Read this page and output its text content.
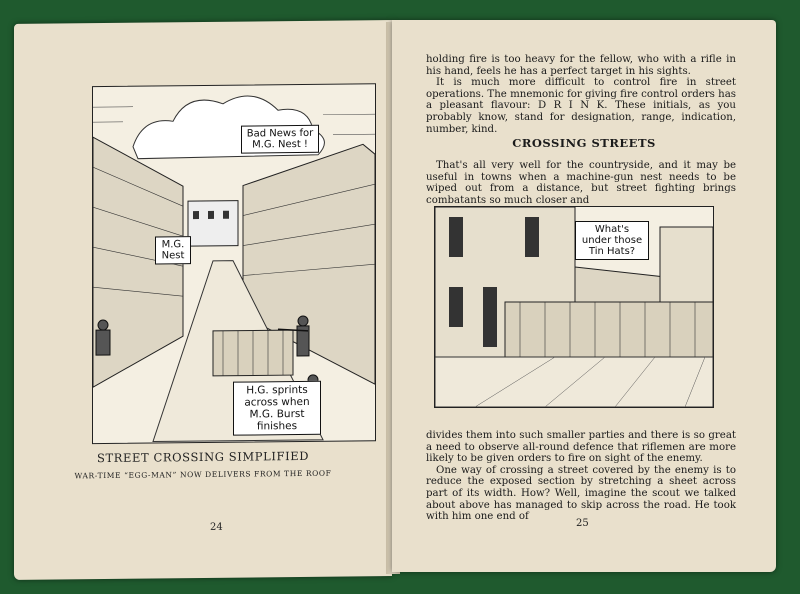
Bad News for M.G. Nest !
M.G. Nest
H.G. sprints across when M.G. Burst finishes
STREET CROSSING SIMPLIFIED
WAR-TIME “EGG-MAN” NOW DELIVERS FROM THE ROOF
24

holding fire is too heavy for the fellow, who with a rifle in his hand, feels he has a perfect target in his sights.

It is much more difficult to control fire in street operations. The mnemonic for giving fire control orders has a pleasant flavour: D R I N K. These initials, as you probably know, stand for designation, range, indication, number, kind.

CROSSING STREETS

That's all very well for the countryside, and it may be useful in towns when a machine-gun nest needs to be wiped out from a distance, but street fighting brings combatants so much closer and

What's under those Tin Hats?

divides them into such smaller parties and there is so great a need to observe all-round defence that riflemen are more likely to be given orders to fire on sight of the enemy.

One way of crossing a street covered by the enemy is to reduce the exposed section by stretching a sheet across part of its width. How? Well, imagine the scout we talked about above has managed to skip across the road. He took with him one end of

25
